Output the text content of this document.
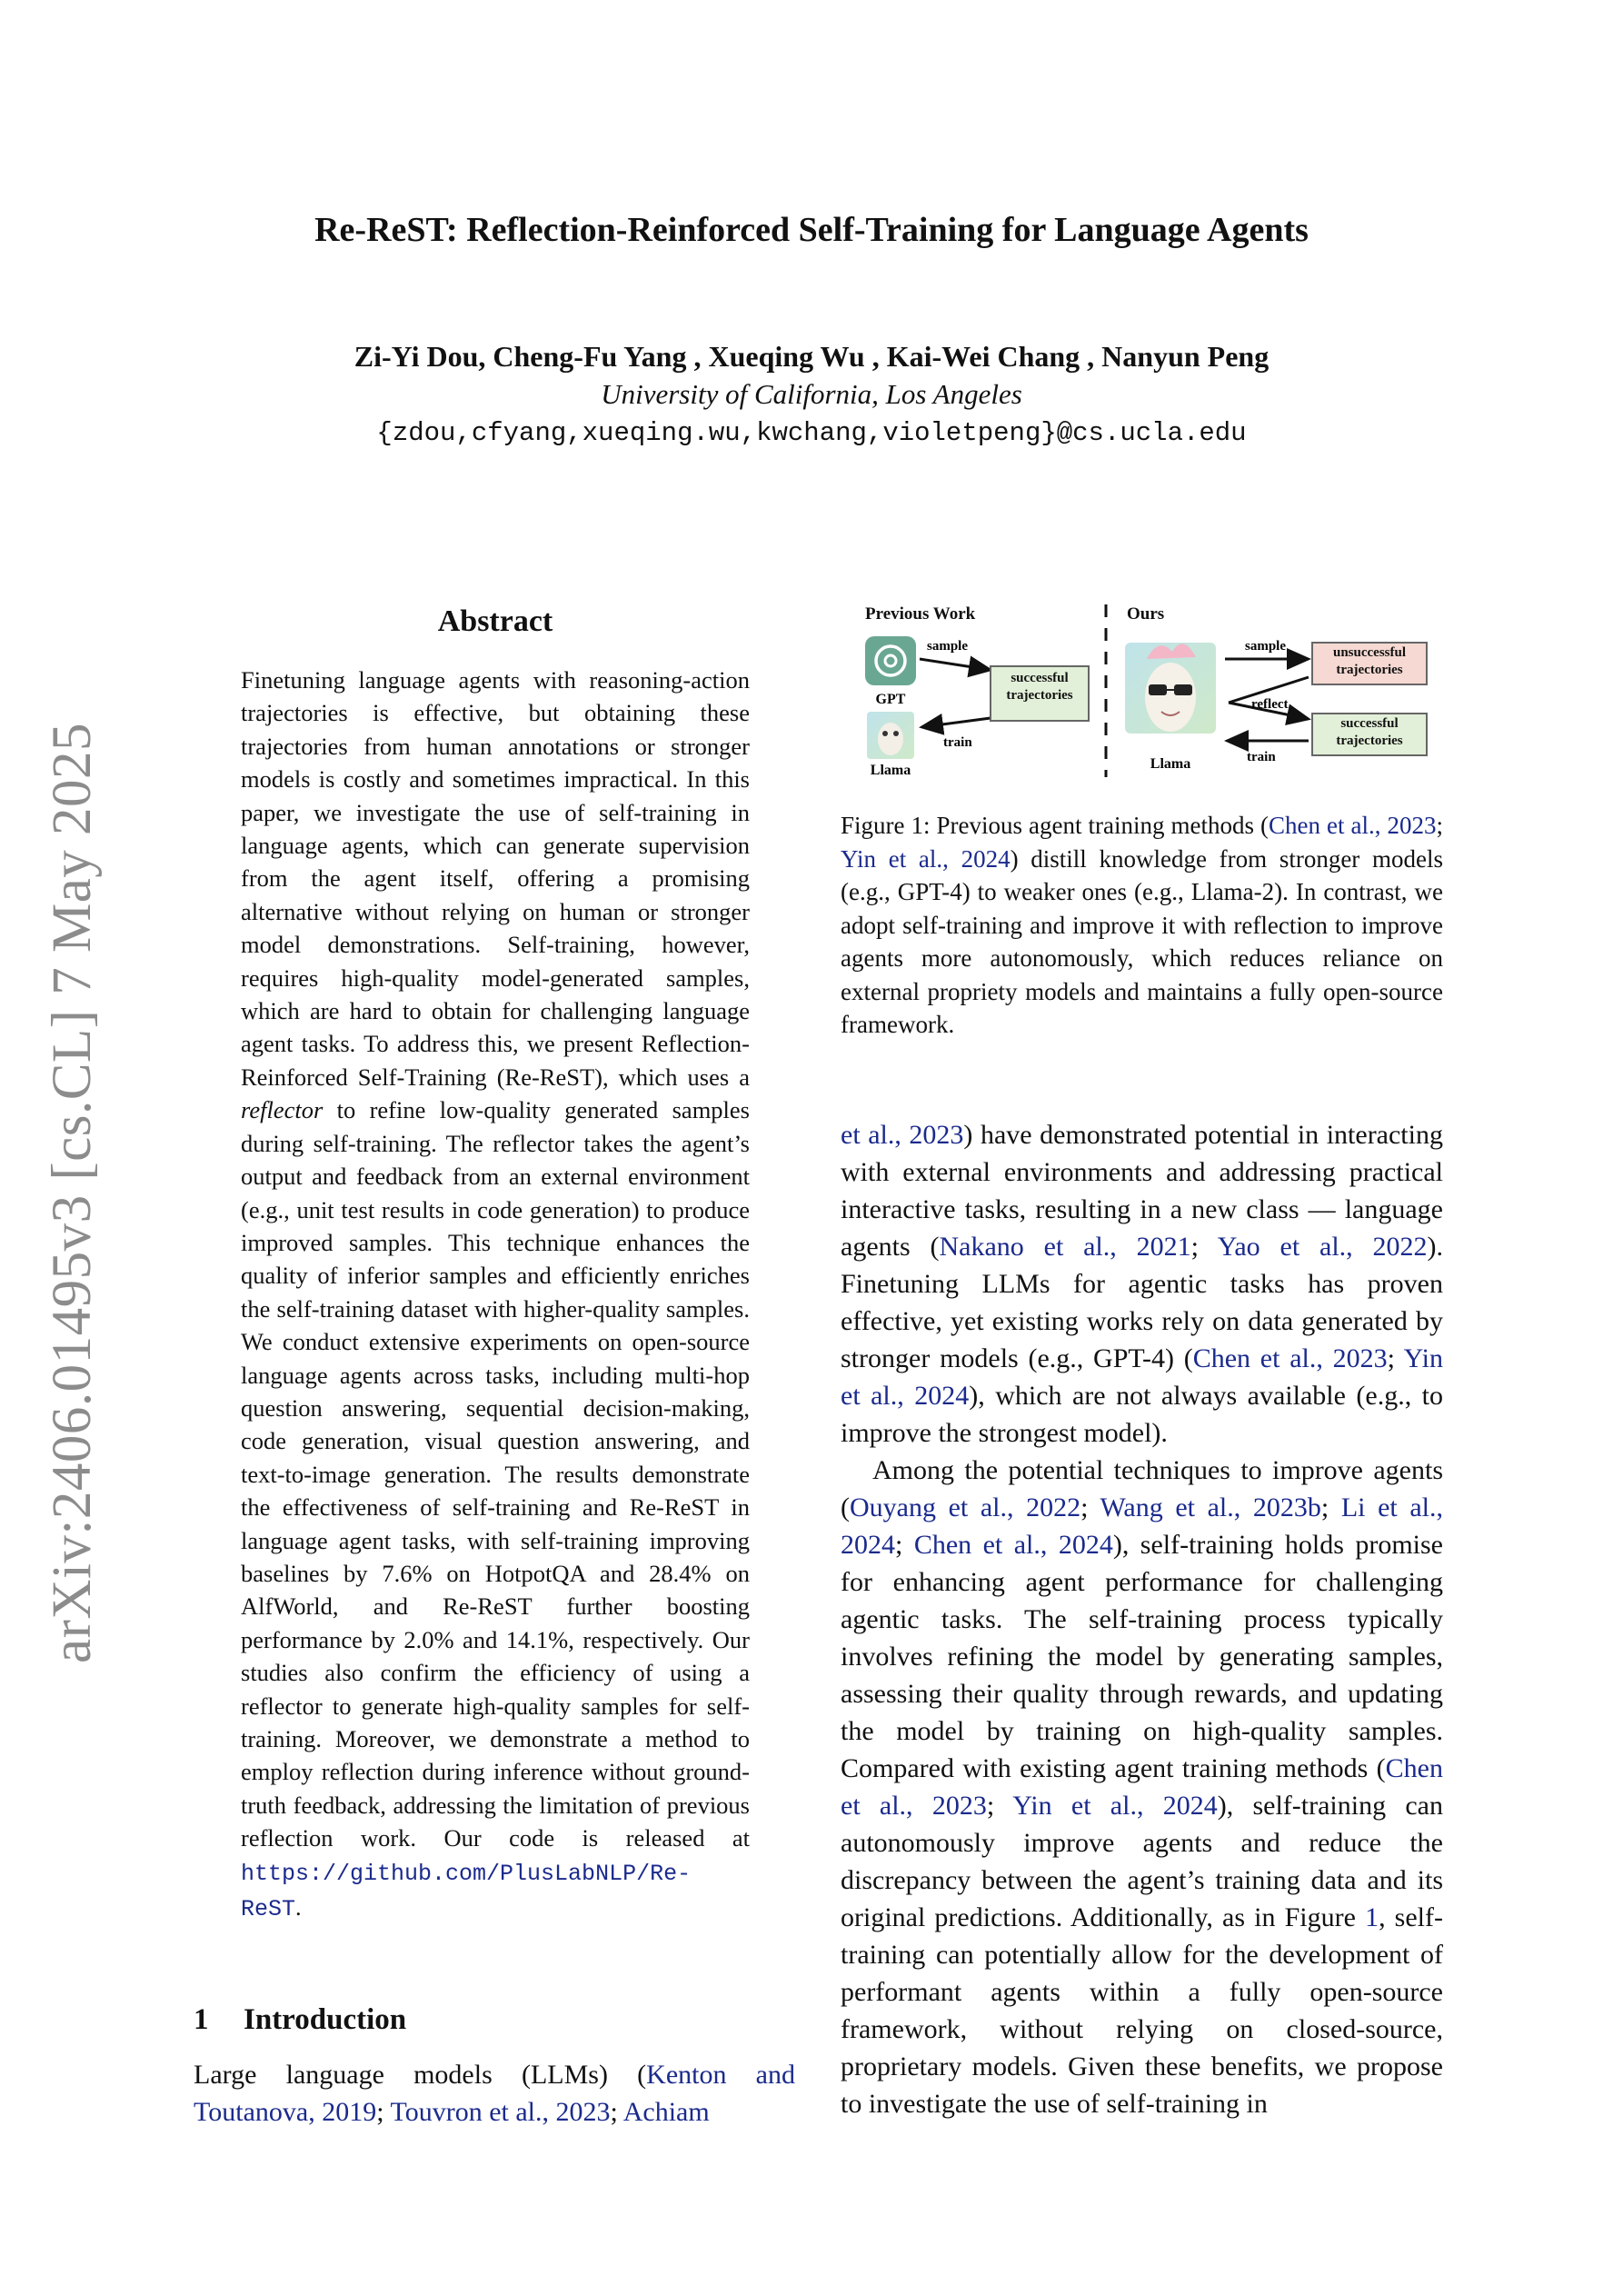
arXiv:2406.01495v3 [cs.CL] 7 May 2025
Re-ReST: Reflection-Reinforced Self-Training for Language Agents
Zi-Yi Dou, Cheng-Fu Yang , Xueqing Wu , Kai-Wei Chang , Nanyun Peng
University of California, Los Angeles
{zdou,cfyang,xueqing.wu,kwchang,violetpeng}@cs.ucla.edu
Abstract
Finetuning language agents with reasoning-action trajectories is effective, but obtaining these trajectories from human annotations or stronger models is costly and sometimes impractical. In this paper, we investigate the use of self-training in language agents, which can generate supervision from the agent itself, offering a promising alternative without relying on human or stronger model demonstrations. Self-training, however, requires high-quality model-generated samples, which are hard to obtain for challenging language agent tasks. To address this, we present Reflection-Reinforced Self-Training (Re-ReST), which uses a reflector to refine low-quality generated samples during self-training. The reflector takes the agent’s output and feedback from an external environment (e.g., unit test results in code generation) to produce improved samples. This technique enhances the quality of inferior samples and efficiently enriches the self-training dataset with higher-quality samples. We conduct extensive experiments on open-source language agents across tasks, including multi-hop question answering, sequential decision-making, code generation, visual question answering, and text-to-image generation. The results demonstrate the effectiveness of self-training and Re-ReST in language agent tasks, with self-training improving baselines by 7.6% on HotpotQA and 28.4% on AlfWorld, and Re-ReST further boosting performance by 2.0% and 14.1%, respectively. Our studies also confirm the efficiency of using a reflector to generate high-quality samples for self-training. Moreover, we demonstrate a method to employ reflection during inference without ground-truth feedback, addressing the limitation of previous reflection work. Our code is released at https://github.com/PlusLabNLP/Re-ReST.
1 Introduction
Large language models (LLMs) (Kenton and Toutanova, 2019; Touvron et al., 2023; Achiam
Previous Work	Ours
GPT
Llama
sample
train
successful trajectories
Llama
sample
reflect
train
unsuccessful trajectories
successful trajectories
Figure 1: Previous agent training methods (Chen et al., 2023; Yin et al., 2024) distill knowledge from stronger models (e.g., GPT-4) to weaker ones (e.g., Llama-2). In contrast, we adopt self-training and improve it with reflection to improve agents more autonomously, which reduces reliance on external propriety models and maintains a fully open-source framework.
et al., 2023) have demonstrated potential in interacting with external environments and addressing practical interactive tasks, resulting in a new class — language agents (Nakano et al., 2021; Yao et al., 2022). Finetuning LLMs for agentic tasks has proven effective, yet existing works rely on data generated by stronger models (e.g., GPT-4) (Chen et al., 2023; Yin et al., 2024), which are not always available (e.g., to improve the strongest model).
Among the potential techniques to improve agents (Ouyang et al., 2022; Wang et al., 2023b; Li et al., 2024; Chen et al., 2024), self-training holds promise for enhancing agent performance for challenging agentic tasks. The self-training process typically involves refining the model by generating samples, assessing their quality through rewards, and updating the model by training on high-quality samples. Compared with existing agent training methods (Chen et al., 2023; Yin et al., 2024), self-training can autonomously improve agents and reduce the discrepancy between the agent’s training data and its original predictions. Additionally, as in Figure 1, self-training can potentially allow for the development of performant agents within a fully open-source framework, without relying on closed-source, proprietary models. Given these benefits, we propose to investigate the use of self-training in
